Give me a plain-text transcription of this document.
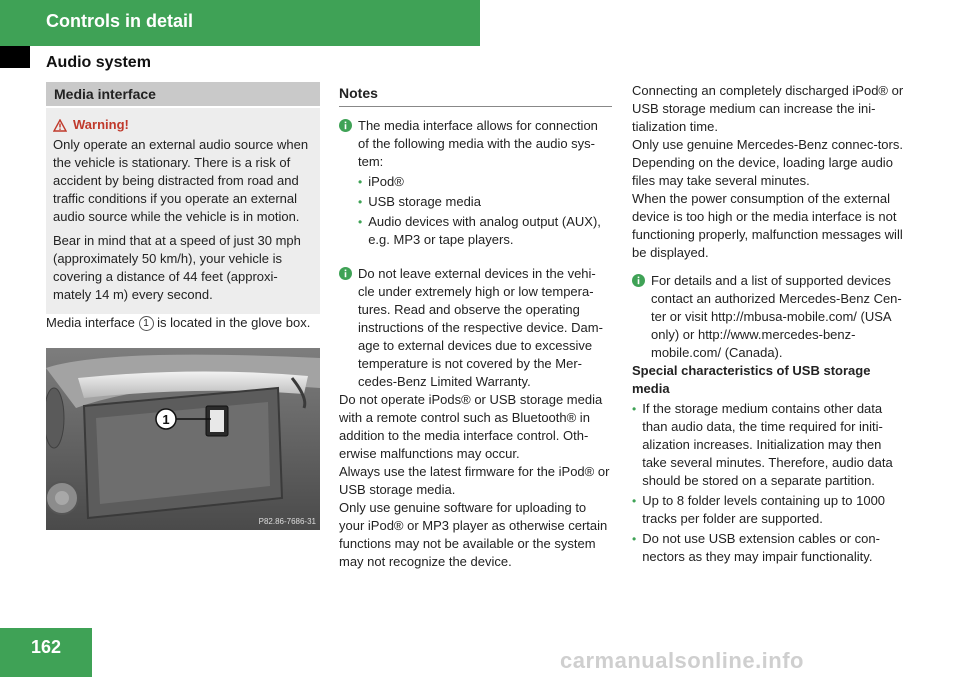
Controls in detail
Audio system
Media interface
Warning!

Only operate an external audio source when the vehicle is stationary. There is a risk of accident by being distracted from road and traffic conditions if you operate an external audio source while the vehicle is in motion.

Bear in mind that at a speed of just 30 mph (approximately 50 km/h), your vehicle is covering a distance of 44 feet (approxi-mately 14 m) every second.

Media interface 1 is located in the glove box.

1
P82.86-7686-31
Notes

The media interface allows for connection of the following media with the audio sys-tem:

• iPod®
• USB storage media
• Audio devices with analog output (AUX), e.g. MP3 or tape players.

Do not leave external devices in the vehi-cle under extremely high or low tempera-tures. Read and observe the operating instructions of the respective device. Dam-age to external devices due to excessive temperature is not covered by the Mer-cedes-Benz Limited Warranty.

Do not operate iPods® or USB storage media with a remote control such as Bluetooth® in addition to the media interface control. Oth-erwise malfunctions may occur.

Always use the latest firmware for the iPod® or USB storage media.

Only use genuine software for uploading to your iPod® or MP3 player as otherwise certain functions may not be available or the system may not recognize the device.

Connecting an completely discharged iPod® or USB storage medium can increase the ini-tialization time.

Only use genuine Mercedes-Benz connec-tors.

Depending on the device, loading large audio files may take several minutes.

When the power consumption of the external device is too high or the media interface is not functioning properly, malfunction messages will be displayed.

For details and a list of supported devices contact an authorized Mercedes-Benz Cen-ter or visit http://mbusa-mobile.com/ (USA only) or http://www.mercedes-benz-mobile.com/ (Canada).

Special characteristics of USB storage media

• If the storage medium contains other data than audio data, the time required for initi-alization increases. Initialization may then take several minutes. Therefore, audio data should be stored on a separate partition.
• Up to 8 folder levels containing up to 1000 tracks per folder are supported.
• Do not use USB extension cables or con-nectors as they may impair functionality.
162
carmanualsonline.info
